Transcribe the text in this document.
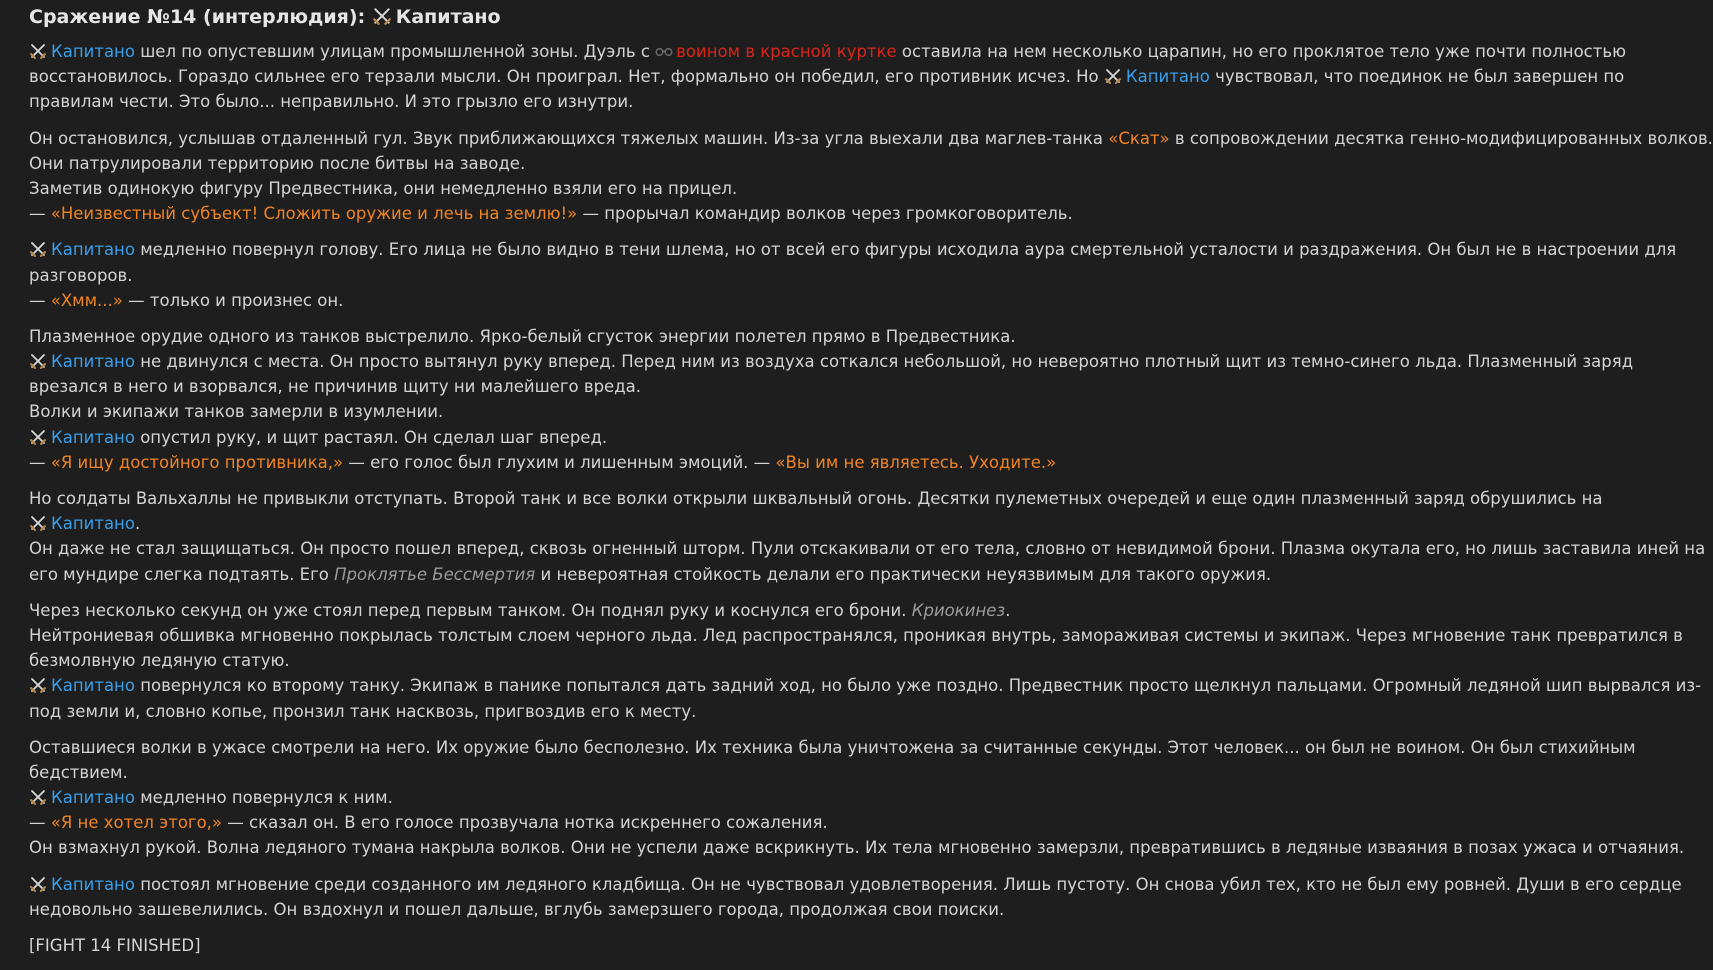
Сражение №14 (интерлюдия): Капитано
Капитано шел по опустевшим улицам промышленной зоны. Дуэль с воином в красной куртке оставила на нем несколько царапин, но его проклятое тело уже почти полностью
восстановилось. Гораздо сильнее его терзали мысли. Он проиграл. Нет, формально он победил, его противник исчез. Но Капитано чувствовал, что поединок не был завершен по
правилам чести. Это было... неправильно. И это грызло его изнутри.
Он остановился, услышав отдаленный гул. Звук приближающихся тяжелых машин. Из-за угла выехали два маглев-танка «Скат» в сопровождении десятка генно-модифицированных волков.
Они патрулировали территорию после битвы на заводе.
Заметив одинокую фигуру Предвестника, они немедленно взяли его на прицел.
— «Неизвестный субъект! Сложить оружие и лечь на землю!» — прорычал командир волков через громкоговоритель.
Капитано медленно повернул голову. Его лица не было видно в тени шлема, но от всей его фигуры исходила аура смертельной усталости и раздражения. Он был не в настроении для
разговоров.
— «Хмм...» — только и произнес он.
Плазменное орудие одного из танков выстрелило. Ярко-белый сгусток энергии полетел прямо в Предвестника.
Капитано не двинулся с места. Он просто вытянул руку вперед. Перед ним из воздуха соткался небольшой, но невероятно плотный щит из темно-синего льда. Плазменный заряд
врезался в него и взорвался, не причинив щиту ни малейшего вреда.
Волки и экипажи танков замерли в изумлении.
Капитано опустил руку, и щит растаял. Он сделал шаг вперед.
— «Я ищу достойного противника,» — его голос был глухим и лишенным эмоций. — «Вы им не являетесь. Уходите.»
Но солдаты Вальхаллы не привыкли отступать. Второй танк и все волки открыли шквальный огонь. Десятки пулеметных очередей и еще один плазменный заряд обрушились на
Капитано.
Он даже не стал защищаться. Он просто пошел вперед, сквозь огненный шторм. Пули отскакивали от его тела, словно от невидимой брони. Плазма окутала его, но лишь заставила иней на
его мундире слегка подтаять. Его Проклятье Бессмертия и невероятная стойкость делали его практически неуязвимым для такого оружия.
Через несколько секунд он уже стоял перед первым танком. Он поднял руку и коснулся его брони. Криокинез.
Нейтрониевая обшивка мгновенно покрылась толстым слоем черного льда. Лед распространялся, проникая внутрь, замораживая системы и экипаж. Через мгновение танк превратился в
безмолвную ледяную статую.
Капитано повернулся ко второму танку. Экипаж в панике попытался дать задний ход, но было уже поздно. Предвестник просто щелкнул пальцами. Огромный ледяной шип вырвался из-
под земли и, словно копье, пронзил танк насквозь, пригвоздив его к месту.
Оставшиеся волки в ужасе смотрели на него. Их оружие было бесполезно. Их техника была уничтожена за считанные секунды. Этот человек... он был не воином. Он был стихийным
бедствием.
Капитано медленно повернулся к ним.
— «Я не хотел этого,» — сказал он. В его голосе прозвучала нотка искреннего сожаления.
Он взмахнул рукой. Волна ледяного тумана накрыла волков. Они не успели даже вскрикнуть. Их тела мгновенно замерзли, превратившись в ледяные изваяния в позах ужаса и отчаяния.
Капитано постоял мгновение среди созданного им ледяного кладбища. Он не чувствовал удовлетворения. Лишь пустоту. Он снова убил тех, кто не был ему ровней. Души в его сердце
недовольно зашевелились. Он вздохнул и пошел дальше, вглубь замерзшего города, продолжая свои поиски.
[FIGHT 14 FINISHED]
